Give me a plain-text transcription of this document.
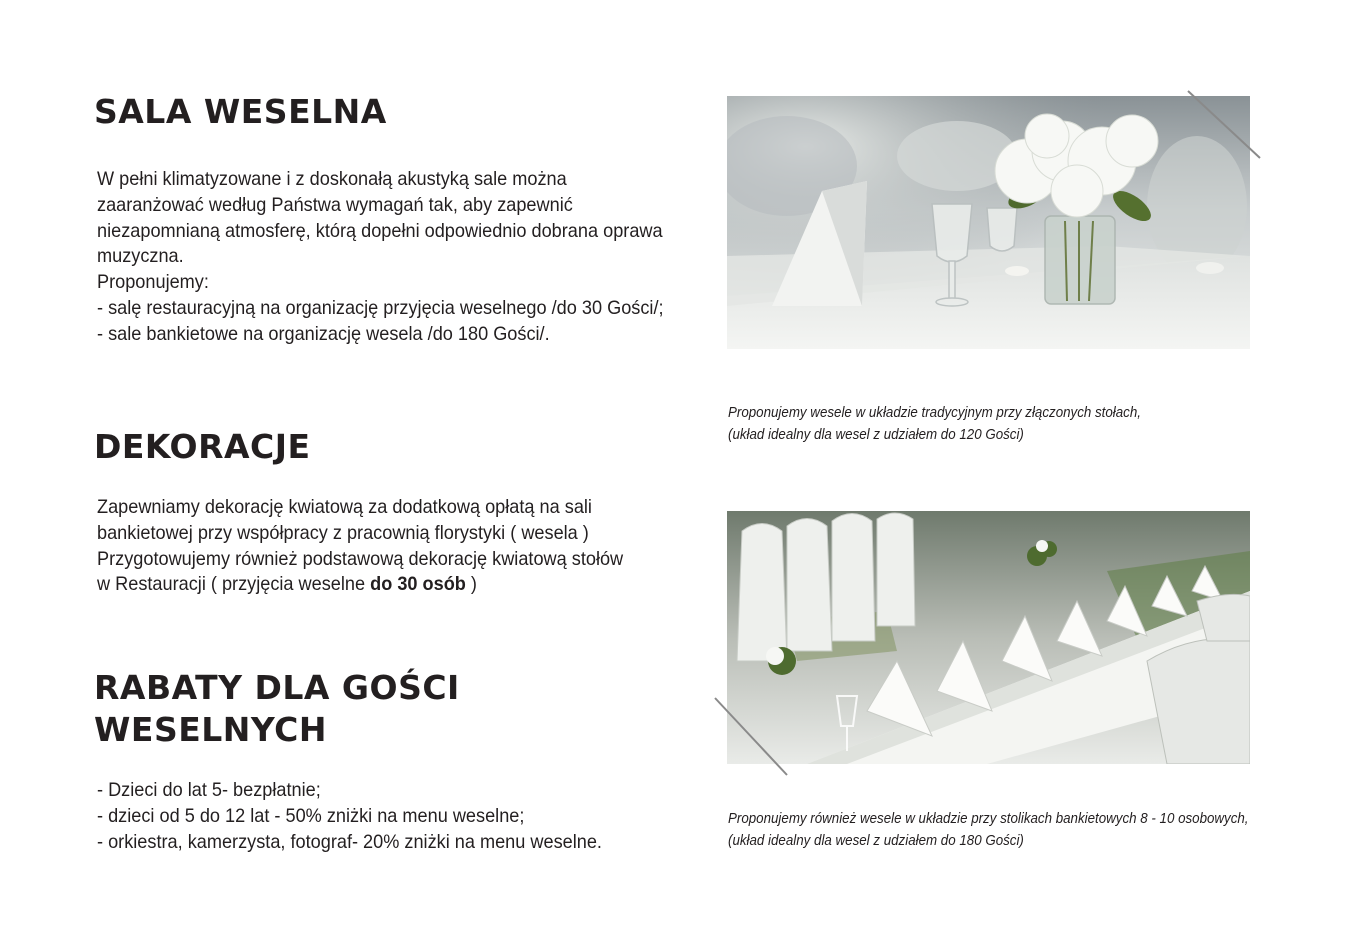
SALA WESELNA
W pełni klimatyzowane i z doskonałą akustyką sale można
zaaranżować według Państwa wymagań tak, aby zapewnić
niezapomnianą atmosferę, którą dopełni odpowiednio dobrana oprawa
muzyczna.
Proponujemy:
- salę restauracyjną na organizację przyjęcia weselnego /do 30 Gości/;
- sale bankietowe na organizację wesela /do 180 Gości/.
DEKORACJE
Zapewniamy dekorację kwiatową za dodatkową opłatą na sali
bankietowej przy współpracy z pracownią florystyki ( wesela )
Przygotowujemy również podstawową dekorację kwiatową stołów
w Restauracji ( przyjęcia weselne do 30 osób )
RABATY DLA GOŚCI
WESELNYCH
- Dzieci do lat 5- bezpłatnie;
- dzieci od 5 do 12 lat - 50% zniżki na menu weselne;
- orkiestra, kamerzysta, fotograf- 20% zniżki na menu weselne.
Proponujemy wesele w układzie tradycyjnym przy złączonych stołach,
(układ idealny dla wesel z udziałem do 120 Gości)
Proponujemy również wesele w układzie przy stolikach bankietowych 8 - 10 osobowych,
(układ idealny dla wesel z udziałem do 180 Gości)
